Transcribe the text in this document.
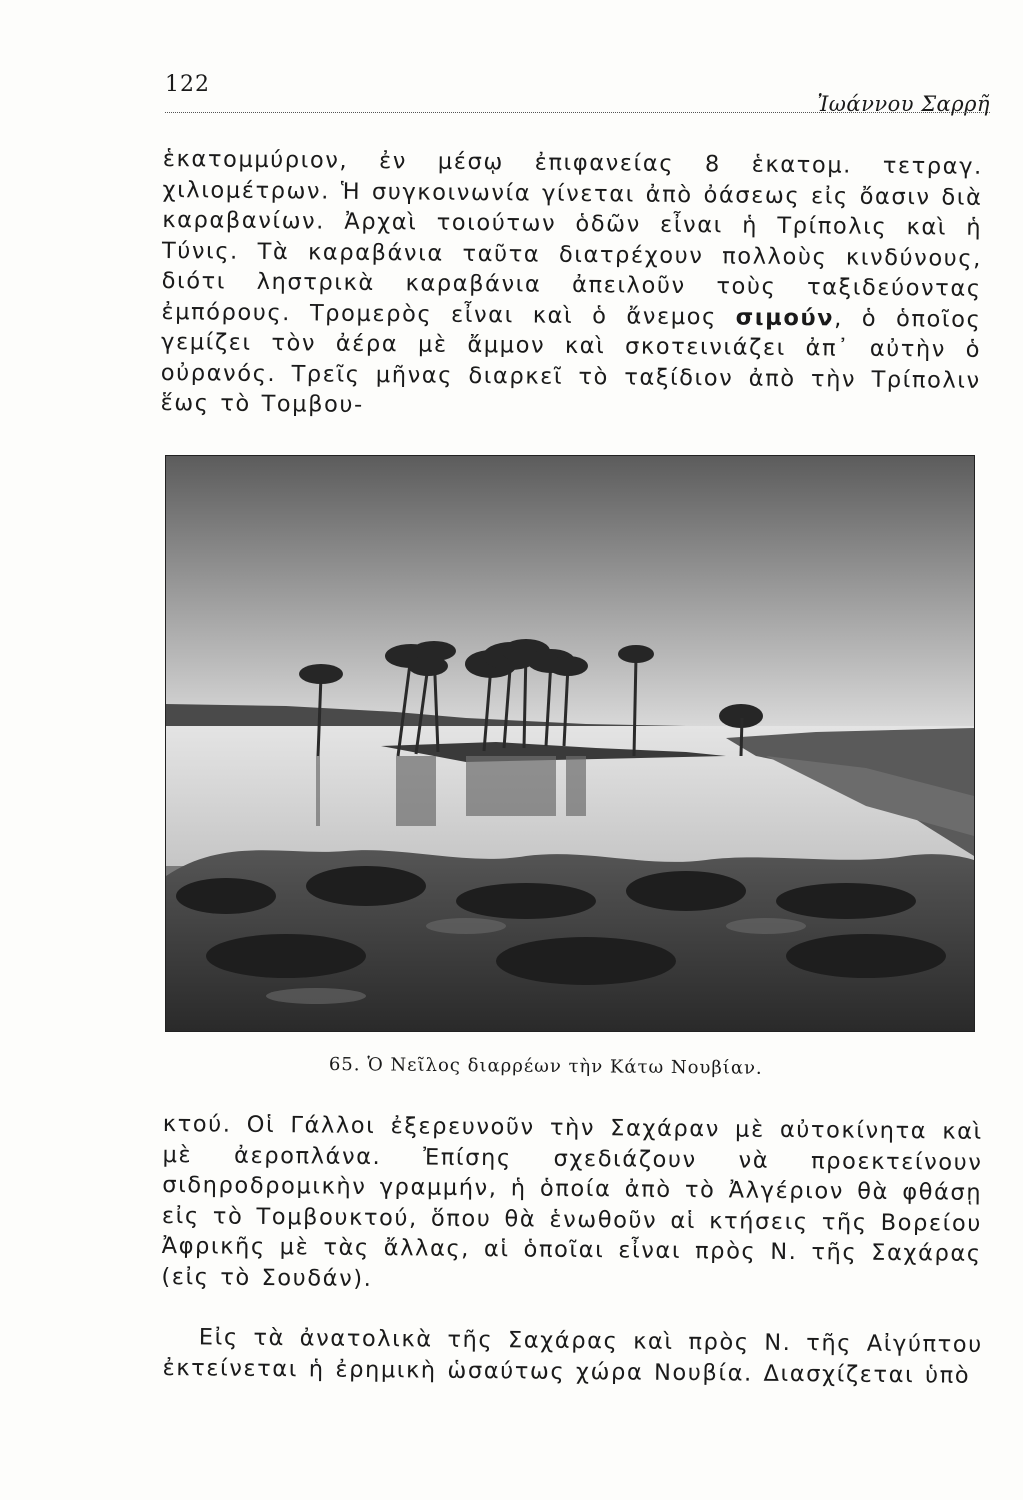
122
Ἰωάννου Σαρρῆ

ἑκατομμύριον, ἐν μέσῳ ἐπιφανείας 8 ἑκατομ. τετραγ. χιλιομέτρων. Ἡ συγκοινωνία γίνεται ἀπὸ ὀάσεως εἰς ὄασιν διὰ καραβανίων. Ἀρχαὶ τοιούτων ὁδῶν εἶναι ἡ Τρίπολις καὶ ἡ Τύνις. Τὰ καραβάνια ταῦτα διατρέχουν πολλοὺς κινδύνους, διότι ληστρικὰ καραβάνια ἀπειλοῦν τοὺς ταξιδεύοντας ἐμπόρους. Τρομερὸς εἶναι καὶ ὁ ἄνεμος σιμούν, ὁ ὁποῖος γεμίζει τὸν ἀέρα μὲ ἄμμον καὶ σκοτεινιάζει ἀπ᾽ αὐτὴν ὁ οὐρανός. Τρεῖς μῆνας διαρκεῖ τὸ ταξίδιον ἀπὸ τὴν Τρίπολιν ἕως τὸ Τομβου-

65. Ὁ Νεῖλος διαρρέων τὴν Κάτω Νουβίαν.

κτού. Οἱ Γάλλοι ἐξερευνοῦν τὴν Σαχάραν μὲ αὐτοκίνητα καὶ μὲ ἀεροπλάνα. Ἐπίσης σχεδιάζουν νὰ προεκτείνουν σιδηροδρομικὴν γραμμήν, ἡ ὁποία ἀπὸ τὸ Ἀλγέριον θὰ φθάσῃ εἰς τὸ Τομβουκτού, ὅπου θὰ ἑνωθοῦν αἱ κτήσεις τῆς Βορείου Ἀφρικῆς μὲ τὰς ἄλλας, αἱ ὁποῖαι εἶναι πρὸς Ν. τῆς Σαχάρας (εἰς τὸ Σουδάν).

Εἰς τὰ ἀνατολικὰ τῆς Σαχάρας καὶ πρὸς Ν. τῆς Αἰγύπτου ἐκτείνεται ἡ ἐρημικὴ ὡσαύτως χώρα Νουβία. Διασχίζεται ὑπὸ
